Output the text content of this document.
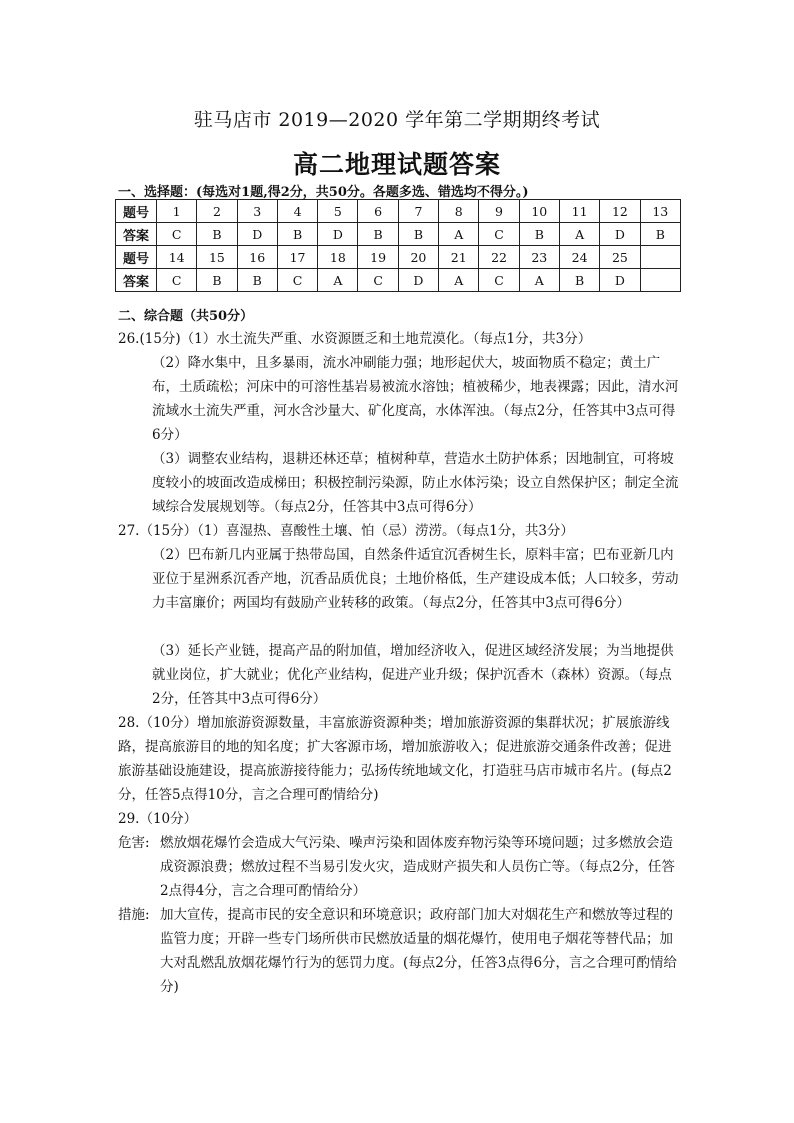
驻马店市 2019—2020 学年第二学期期终考试
高二地理试题答案
一、选择题：(每选对1题,得2分，共50分。各题多选、错选均不得分。)
题号	1	2	3	4	5	6	7	8	9	10	11	12	13
答案	C	B	D	B	D	B	B	A	C	B	A	D	B
题号	14	15	16	17	18	19	20	21	22	23	24	25	
答案	C	B	B	C	A	C	D	A	C	A	B	D	
二、综合题（共50分）

26.(15分)（1）水土流失严重、水资源匮乏和土地荒漠化。（每点1分，共3分）

（2）降水集中，且多暴雨，流水冲刷能力强；地形起伏大，坡面物质不稳定；黄土广布，土质疏松；河床中的可溶性基岩易被流水溶蚀；植被稀少，地表裸露；因此，清水河流域水土流失严重，河水含沙量大、矿化度高，水体浑浊。（每点2分，任答其中3点可得6分）

（3）调整农业结构，退耕还林还草；植树种草，营造水土防护体系；因地制宜，可将坡度较小的坡面改造成梯田；积极控制污染源，防止水体污染；设立自然保护区；制定全流域综合发展规划等。（每点2分，任答其中3点可得6分）

27.（15分）（1）喜湿热、喜酸性土壤、怕（忌）涝涝。（每点1分，共3分）

（2）巴布新几内亚属于热带岛国，自然条件适宜沉香树生长，原料丰富；巴布亚新几内亚位于星洲系沉香产地，沉香品质优良；土地价格低，生产建设成本低；人口较多，劳动力丰富廉价；两国均有鼓励产业转移的政策。（每点2分，任答其中3点可得6分）

（3）延长产业链，提高产品的附加值，增加经济收入，促进区域经济发展；为当地提供就业岗位，扩大就业；优化产业结构，促进产业升级；保护沉香木（森林）资源。（每点2分，任答其中3点可得6分）

28.（10分）增加旅游资源数量，丰富旅游资源种类；增加旅游资源的集群状况；扩展旅游线路，提高旅游目的地的知名度；扩大客源市场，增加旅游收入；促进旅游交通条件改善；促进旅游基础设施建设，提高旅游接待能力；弘扬传统地域文化，打造驻马店市城市名片。(每点2分，任答5点得10分，言之合理可酌情给分)

29.（10分）

危害: 燃放烟花爆竹会造成大气污染、噪声污染和固体废弃物污染等环境问题；过多燃放会造成资源浪费；燃放过程不当易引发火灾，造成财产损失和人员伤亡等。（每点2分，任答2点得4分，言之合理可酌情给分）
措施: 加大宣传，提高市民的安全意识和环境意识；政府部门加大对烟花生产和燃放等过程的监管力度；开辟一些专门场所供市民燃放适量的烟花爆竹，使用电子烟花等替代品；加大对乱燃乱放烟花爆竹行为的惩罚力度。(每点2分，任答3点得6分，言之合理可酌情给分)
